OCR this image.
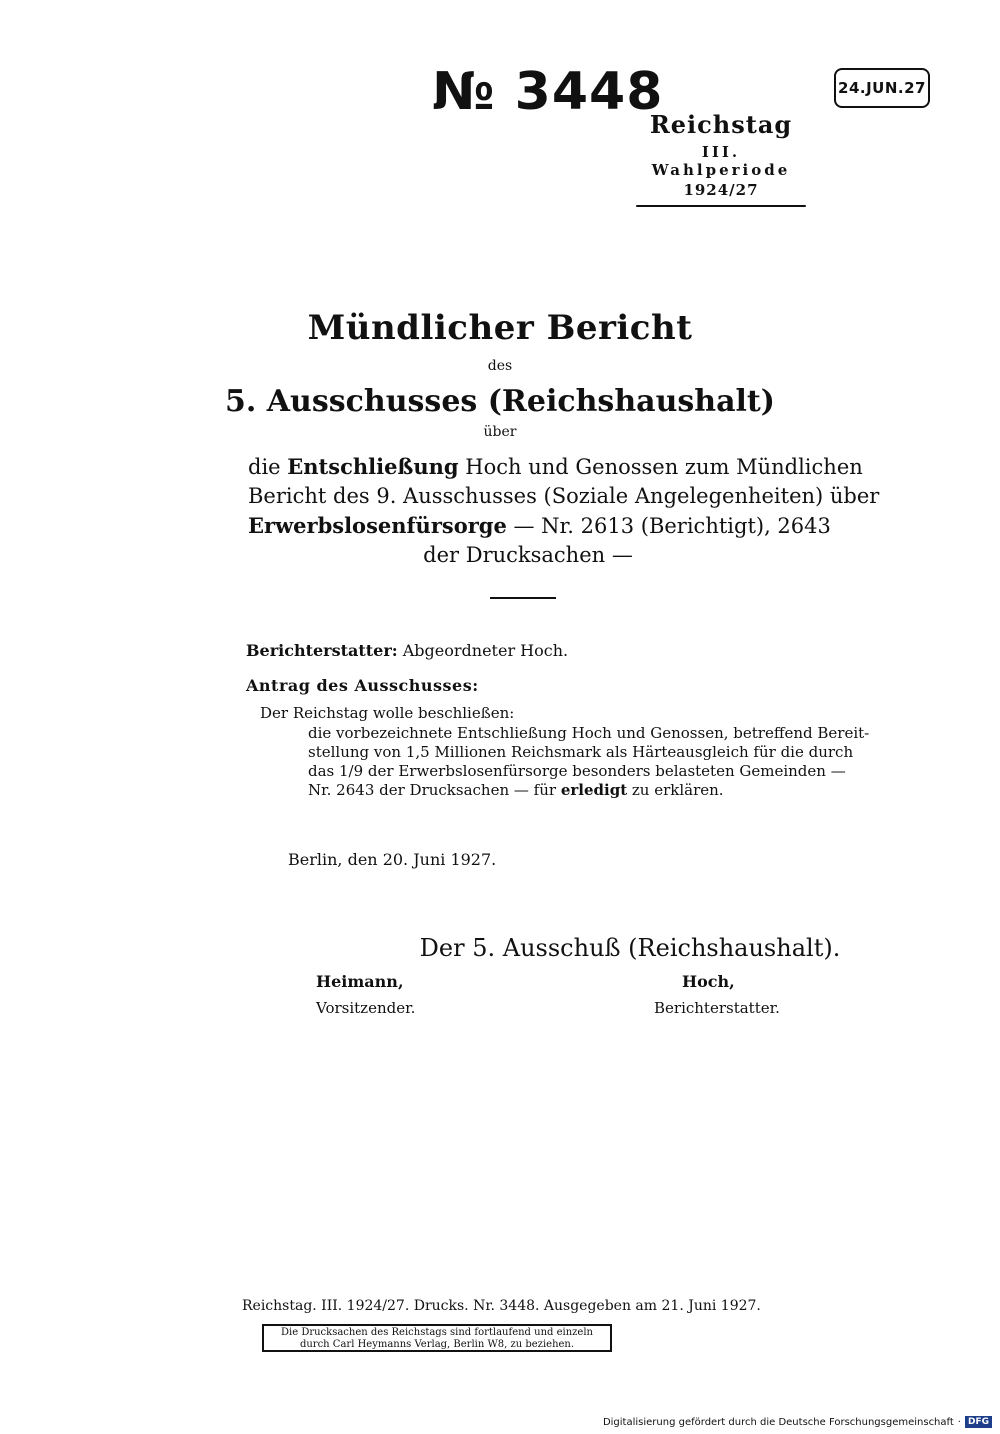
№ 3448	24.JUN.27
Reichstag
III. Wahlperiode
1924/27
Mündlicher Bericht
des
5. Ausschusses (Reichshaushalt)
über
die Entschließung Hoch und Genossen zum Mündlichen
Bericht des 9. Ausschusses (Soziale Angelegenheiten) über
Erwerbslosenfürsorge — Nr. 2613 (Berichtigt), 2643
der Drucksachen —
Berichterstatter: Abgeordneter Hoch.
Antrag des Ausschusses:
Der Reichstag wolle beschließen:
die vorbezeichnete Entschließung Hoch und Genossen, betreffend Bereit-
stellung von 1,5 Millionen Reichsmark als Härteausgleich für die durch
das 1/9 der Erwerbslosenfürsorge besonders belasteten Gemeinden —
Nr. 2643 der Drucksachen — für erledigt zu erklären.
Berlin, den 20. Juni 1927.
Der 5. Ausschuß (Reichshaushalt).
Heimann,
Vorsitzender.
Hoch,
Berichterstatter.
Reichstag. III. 1924/27. Drucks. Nr. 3448. Ausgegeben am 21. Juni 1927.
Die Drucksachen des Reichstags sind fortlaufend und einzeln
durch Carl Heymanns Verlag, Berlin W8, zu beziehen.
Digitalisierung gefördert durch die Deutsche Forschungsgemeinschaft · DFG
